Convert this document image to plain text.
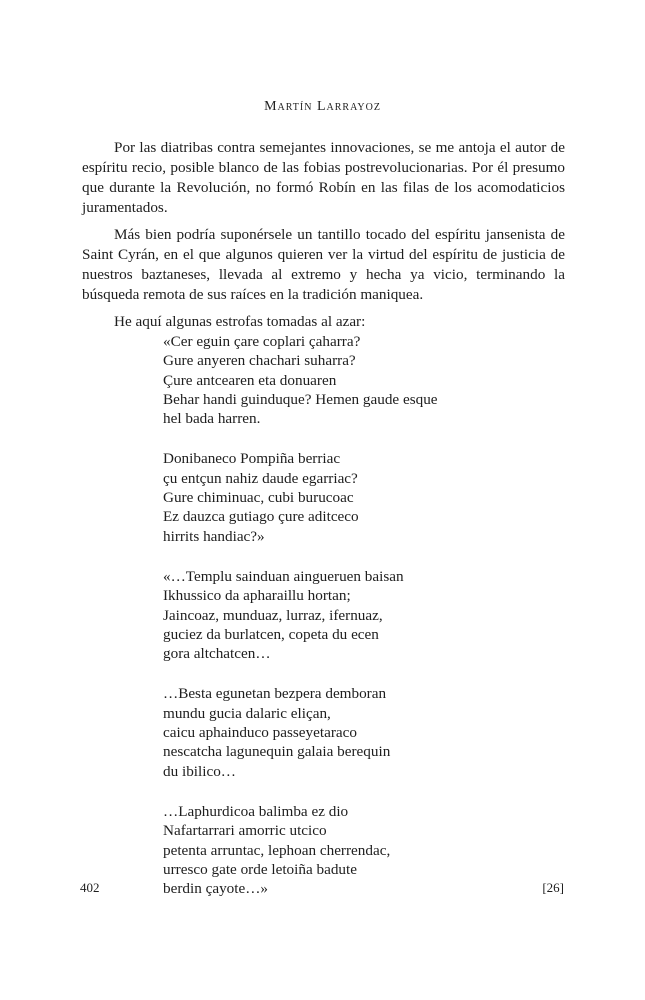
Martín Larrayoz

Por las diatribas contra semejantes innovaciones, se me antoja el autor de espíritu recio, posible blanco de las fobias postrevolucionarias. Por él presumo que durante la Revolución, no formó Robín en las filas de los acomodaticios juramentados.

Más bien podría suponérsele un tantillo tocado del espíritu jansenista de Saint Cyrán, en el que algunos quieren ver la virtud del espíritu de justicia de nuestros baztaneses, llevada al extremo y hecha ya vicio, terminando la búsqueda remota de sus raíces en la tradición maniquea.

He aquí algunas estrofas tomadas al azar:

«Cer eguin çare coplari çaharra?
Gure anyeren chachari suharra?
Çure antcearen eta donuaren
Behar handi guinduque? Hemen gaude esque
hel bada harren.
Donibaneco Pompiña berriac
çu entçun nahiz daude egarriac?
Gure chiminuac, cubi burucoac
Ez dauzca gutiago çure aditceco
hirrits handiac?»
«…Templu sainduan aingueruen baisan
Ikhussico da apharaillu hortan;
Jaincoaz, munduaz, lurraz, ifernuaz,
guciez da burlatcen, copeta du ecen
gora altchatcen…
…Besta egunetan bezpera demboran
mundu gucia dalaric eliçan,
caicu aphainduco passeyetaraco
nescatcha lagunequin galaia berequin
du ibilico…
…Laphurdicoa balimba ez dio
Nafartarrari amorric utcico
petenta arruntac, lephoan cherrendac,
urresco gate orde letoiña badute
berdin çayote…»
402	[26]
